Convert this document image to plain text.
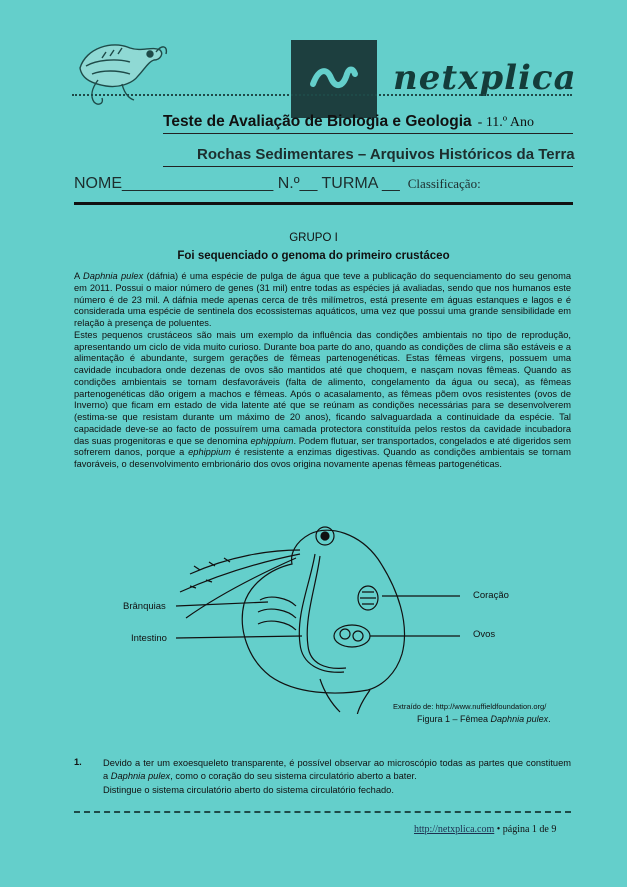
netxplica
Teste de Avaliação de Biologia e Geologia - 11.º Ano
Rochas Sedimentares – Arquivos Históricos da Terra
NOME_________________ N.º__ TURMA __ Classificação:
GRUPO I
Foi sequenciado o genoma do primeiro crustáceo

A Daphnia pulex (dáfnia) é uma espécie de pulga de água que teve a publicação do sequenciamento do seu genoma em 2011. Possui o maior número de genes (31 mil) entre todas as espécies já avaliadas, sendo que nos humanos este número é de 23 mil. A dáfnia mede apenas cerca de três milímetros, está presente em águas estanques e lagos e é considerada uma espécie de sentinela dos ecossistemas aquáticos, uma vez que possui uma grande sensibilidade em relação à presença de poluentes.

Estes pequenos crustáceos são mais um exemplo da influência das condições ambientais no tipo de reprodução, apresentando um ciclo de vida muito curioso. Durante boa parte do ano, quando as condições de clima são estáveis e a alimentação é abundante, surgem gerações de fêmeas partenogenéticas. Estas fêmeas virgens, possuem uma cavidade incubadora onde dezenas de ovos são mantidos até que choquem, e nasçam novas fêmeas. Quando as condições ambientais se tornam desfavoráveis (falta de alimento, congelamento da água ou seca), as fêmeas partenogenéticas dão origem a machos e fêmeas. Após o acasalamento, as fêmeas põem ovos resistentes (ovos de Inverno) que ficam em estado de vida latente até que se reúnam as condições necessárias para se desenvolverem (estima-se que resistam durante um máximo de 20 anos), ficando salvaguardada a continuidade da espécie. Tal capacidade deve-se ao facto de possuírem uma camada protectora constituída pelos restos da cavidade incubadora das suas progenitoras e que se denomina ephippium. Podem flutuar, ser transportados, congelados e até digeridos sem sofrerem danos, porque a ephippium é resistente a enzimas digestivas. Quando as condições ambientais se tornam favoráveis, o desenvolvimento embrionário dos ovos origina novamente apenas fêmeas partogenéticas.

Brânquias
Intestino
Coração
Ovos
Extraído de: http://www.nuffieldfoundation.org/
Figura 1 – Fêmea Daphnia pulex.
1. Devido a ter um exoesqueleto transparente, é possível observar ao microscópio todas as partes que constituem a Daphnia pulex, como o coração do seu sistema circulatório aberto a bater.
Distingue o sistema circulatório aberto do sistema circulatório fechado.
http://netxplica.com • página 1 de 9
